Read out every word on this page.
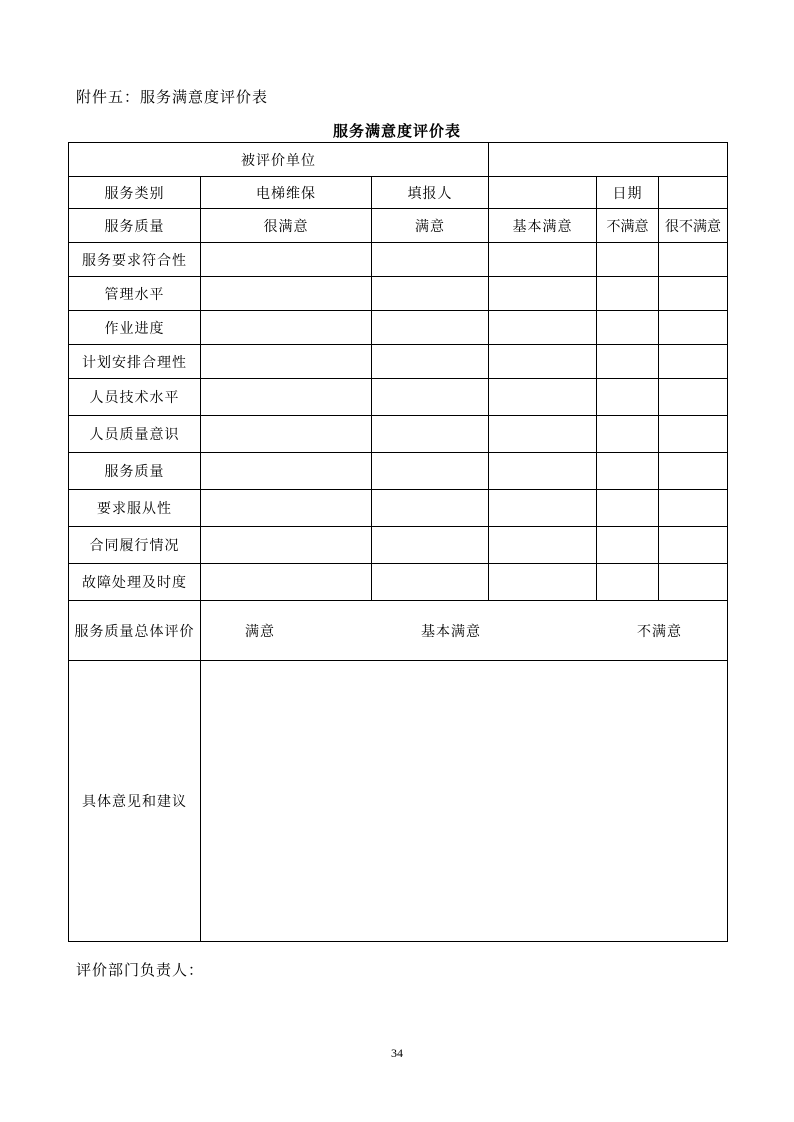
附件五：服务满意度评价表
服务满意度评价表
被评价单位					
服务类别	电梯维保	填报人		日期	
服务质量	很满意	满意	基本满意	不满意	很不满意
服务要求符合性					
管理水平					
作业进度					
计划安排合理性					
人员技术水平					
人员质量意识					
服务质量					
要求服从性					
合同履行情况					
故障处理及时度					
服务质量总体评价	满意 基本满意 不满意				

具体意见和建议					
评价部门负责人：
34
